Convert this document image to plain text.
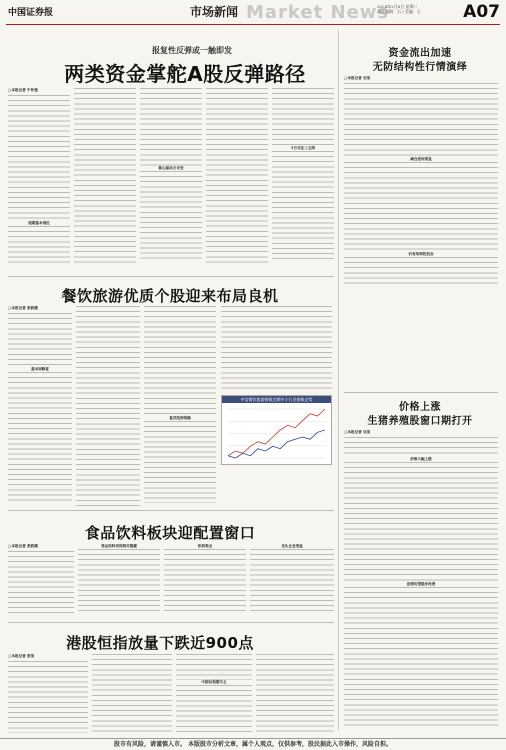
中国证券报	市场新闻 Market News
2024年2月6日 星期二
责任编辑：石 / 美编：王	A07
报复性反弹或一触即发
两类资金掌舵A股反弹路径
□本报记者 牛仲逸
短期基本到位
核心驱动力未变
5月关注三主线
资金流出加速
无防结构性行情演绎
□本报记者 吴某
减仓进攻明显
仍有结构性机会
价格上涨
生猪养殖股窗口期打开
□本报记者 吴某
价格大幅上涨
业绩有望稳步改善
餐饮旅游优质个股迎来布局良机
□本报记者 张韵蝶
基本面修复
复苏趋势明确
中信餐饮旅游指数近期多个行业指数走势
食品饮料板块迎配置窗口
□本报记者 张韵蝶	食品饮料表现相对稳健	机构观点	龙头企业受益
港股恒指放量下跌近900点
□本报记者 张某
中期以预期为主
股市有风险，请谨慎入市。 本版股市分析文章，属个人观点，仅供参考，股民据此入市操作，风险自担。
